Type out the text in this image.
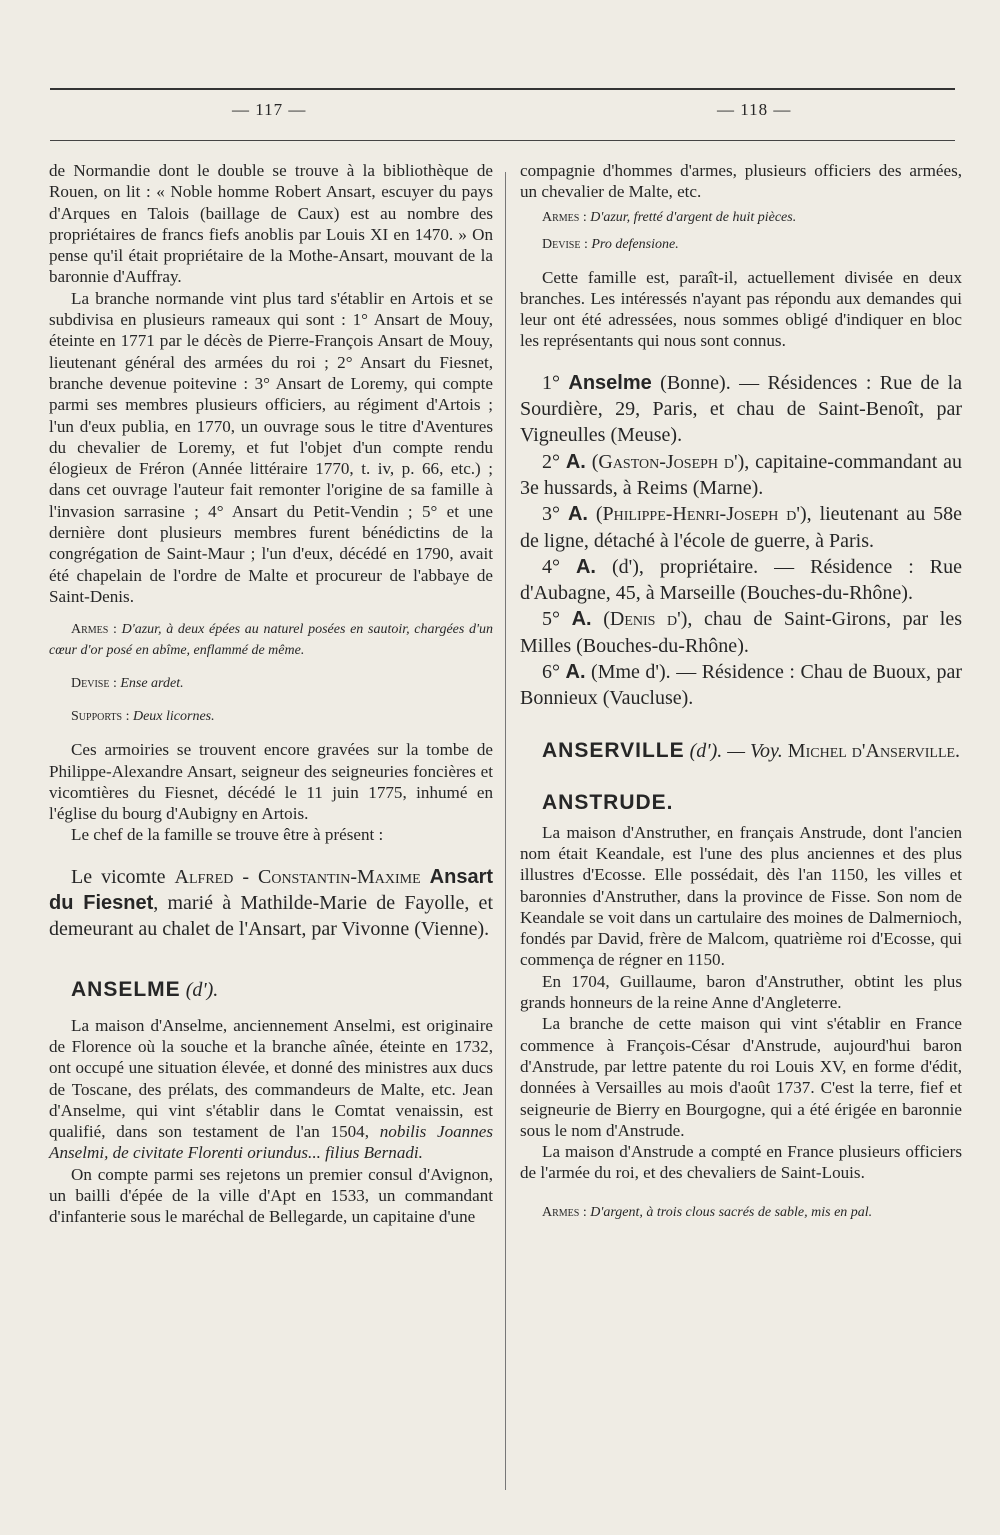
— 117 —	— 118 —

de Normandie dont le double se trouve à la bibliothèque de Rouen, on lit : « Noble homme Robert Ansart, escuyer du pays d'Arques en Talois (baillage de Caux) est au nombre des propriétaires de francs fiefs anoblis par Louis XI en 1470. » On pense qu'il était propriétaire de la Mothe-Ansart, mouvant de la baronnie d'Auffray.

La branche normande vint plus tard s'établir en Artois et se subdivisa en plusieurs rameaux qui sont : 1° Ansart de Mouy, éteinte en 1771 par le décès de Pierre-François Ansart de Mouy, lieutenant général des armées du roi ; 2° Ansart du Fiesnet, branche devenue poitevine : 3° Ansart de Loremy, qui compte parmi ses membres plusieurs officiers, au régiment d'Artois ; l'un d'eux publia, en 1770, un ouvrage sous le titre d'Aventures du chevalier de Loremy, et fut l'objet d'un compte rendu élogieux de Fréron (Année littéraire 1770, t. iv, p. 66, etc.) ; dans cet ouvrage l'auteur fait remonter l'origine de sa famille à l'invasion sarrasine ; 4° Ansart du Petit-Vendin ; 5° et une dernière dont plusieurs membres furent bénédictins de la congrégation de Saint-Maur ; l'un d'eux, décédé en 1790, avait été chapelain de l'ordre de Malte et procureur de l'abbaye de Saint-Denis.

Armes : D'azur, à deux épées au naturel posées en sautoir, chargées d'un cœur d'or posé en abîme, enflammé de même.

Devise : Ense ardet.

Supports : Deux licornes.

Ces armoiries se trouvent encore gravées sur la tombe de Philippe-Alexandre Ansart, seigneur des seigneuries foncières et vicomtières du Fiesnet, décédé le 11 juin 1775, inhumé en l'église du bourg d'Aubigny en Artois.

Le chef de la famille se trouve être à présent :

Le vicomte Alfred - Constantin-Maxime Ansart du Fiesnet, marié à Mathilde-Marie de Fayolle, et demeurant au chalet de l'Ansart, par Vivonne (Vienne).

ANSELME (d').

La maison d'Anselme, anciennement Anselmi, est originaire de Florence où la souche et la branche aînée, éteinte en 1732, ont occupé une situation élevée, et donné des ministres aux ducs de Toscane, des prélats, des commandeurs de Malte, etc. Jean d'Anselme, qui vint s'établir dans le Comtat venaissin, est qualifié, dans son testament de l'an 1504, nobilis Joannes Anselmi, de civitate Florenti oriundus... filius Bernadi.

On compte parmi ses rejetons un premier consul d'Avignon, un bailli d'épée de la ville d'Apt en 1533, un commandant d'infanterie sous le maréchal de Bellegarde, un capitaine d'une

compagnie d'hommes d'armes, plusieurs officiers des armées, un chevalier de Malte, etc.

Armes : D'azur, fretté d'argent de huit pièces.

Devise : Pro defensione.

Cette famille est, paraît-il, actuellement divisée en deux branches. Les intéressés n'ayant pas répondu aux demandes qui leur ont été adressées, nous sommes obligé d'indiquer en bloc les représentants qui nous sont connus.

1° Anselme (Bonne). — Résidences : Rue de la Sourdière, 29, Paris, et chau de Saint-Benoît, par Vigneulles (Meuse).

2° A. (Gaston-Joseph d'), capitaine-commandant au 3e hussards, à Reims (Marne).

3° A. (Philippe-Henri-Joseph d'), lieutenant au 58e de ligne, détaché à l'école de guerre, à Paris.

4° A. (d'), propriétaire. — Résidence : Rue d'Aubagne, 45, à Marseille (Bouches-du-Rhône).

5° A. (Denis d'), chau de Saint-Girons, par les Milles (Bouches-du-Rhône).

6° A. (Mme d'). — Résidence : Chau de Buoux, par Bonnieux (Vaucluse).

ANSERVILLE (d'). — Voy. Michel d'Anserville.

ANSTRUDE.

La maison d'Anstruther, en français Anstrude, dont l'ancien nom était Keandale, est l'une des plus anciennes et des plus illustres d'Ecosse. Elle possédait, dès l'an 1150, les villes et baronnies d'Anstruther, dans la province de Fisse. Son nom de Keandale se voit dans un cartulaire des moines de Dalmernioch, fondés par David, frère de Malcom, quatrième roi d'Ecosse, qui commença de régner en 1150.

En 1704, Guillaume, baron d'Anstruther, obtint les plus grands honneurs de la reine Anne d'Angleterre.

La branche de cette maison qui vint s'établir en France commence à François-César d'Anstrude, aujourd'hui baron d'Anstrude, par lettre patente du roi Louis XV, en forme d'édit, données à Versailles au mois d'août 1737. C'est la terre, fief et seigneurie de Bierry en Bourgogne, qui a été érigée en baronnie sous le nom d'Anstrude.

La maison d'Anstrude a compté en France plusieurs officiers de l'armée du roi, et des chevaliers de Saint-Louis.

Armes : D'argent, à trois clous sacrés de sable, mis en pal.
